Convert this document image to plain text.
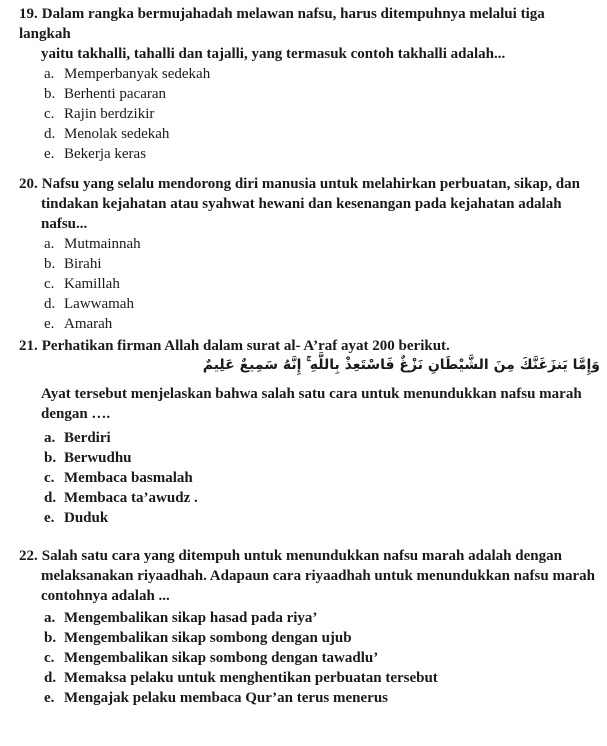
19. Dalam rangka bermujahadah melawan nafsu, harus ditempuhnya melalui tiga langkah
yaitu takhalli, tahalli dan tajalli, yang termasuk contoh takhalli adalah...
a. Memperbanyak sedekah
b. Berhenti pacaran
c. Rajin berdzikir
d. Menolak sedekah
e. Bekerja keras
20. Nafsu yang selalu mendorong diri manusia untuk melahirkan perbuatan, sikap, dan
tindakan kejahatan atau syahwat hewani dan kesenangan pada kejahatan adalah nafsu...
a. Mutmainnah
b. Birahi
c. Kamillah
d. Lawwamah
e. Amarah
21. Perhatikan firman Allah dalam surat al- A’raf ayat 200 berikut.
وَإِمَّا يَنزَغَنَّكَ مِنَ الشَّيْطَانِ نَزْغٌ فَاسْتَعِذْ بِاللَّهِ ۚ إِنَّهُ سَمِيعٌ عَلِيمٌ
Ayat tersebut menjelaskan bahwa salah satu cara untuk menundukkan nafsu marah
dengan ….
a. Berdiri
b. Berwudhu
c. Membaca basmalah
d. Membaca ta’awudz .
e. Duduk
22. Salah satu cara yang ditempuh untuk menundukkan nafsu marah adalah dengan
melaksanakan riyaadhah. Adapaun cara riyaadhah untuk menundukkan nafsu marah
contohnya adalah ...
a. Mengembalikan sikap hasad pada riya’
b. Mengembalikan sikap sombong dengan ujub
c. Mengembalikan sikap sombong dengan tawadlu’
d. Memaksa pelaku untuk menghentikan perbuatan tersebut
e. Mengajak pelaku membaca Qur’an terus menerus
